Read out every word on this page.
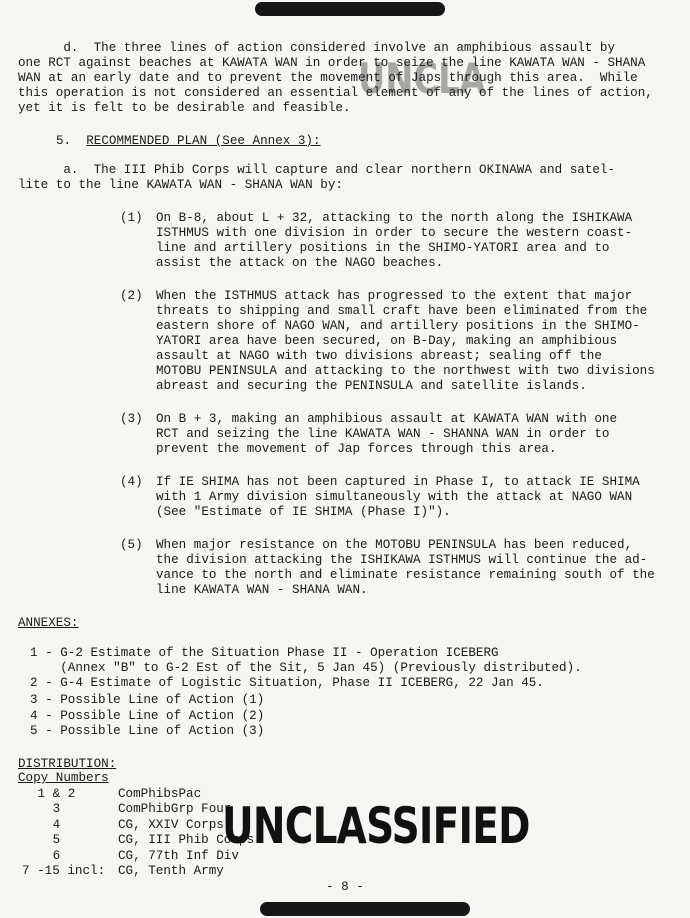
UNCLA
d.  The three lines of action considered involve an amphibious assault by
one RCT against beaches at KAWATA WAN in order to seize the line KAWATA WAN - SHANA
WAN at an early date and to prevent the movement of Japs through this area.  While
this operation is not considered an essential element of any of the lines of action,
yet it is felt to be desirable and feasible.
5. RECOMMENDED PLAN (See Annex 3):
a.  The III Phib Corps will capture and clear northern OKINAWA and satel-
lite to the line KAWATA WAN - SHANA WAN by:
(1) On B-8, about L + 32, attacking to the north along the ISHIKAWA
ISTHMUS with one division in order to secure the western coast-
line and artillery positions in the SHIMO-YATORI area and to
assist the attack on the NAGO beaches.
(2) When the ISTHMUS attack has progressed to the extent that major
threats to shipping and small craft have been eliminated from the
eastern shore of NAGO WAN, and artillery positions in the SHIMO-
YATORI area have been secured, on B-Day, making an amphibious
assault at NAGO with two divisions abreast; sealing off the
MOTOBU PENINSULA and attacking to the northwest with two divisions
abreast and securing the PENINSULA and satellite islands.
(3) On B + 3, making an amphibious assault at KAWATA WAN with one
RCT and seizing the line KAWATA WAN - SHANNA WAN in order to
prevent the movement of Jap forces through this area.
(4) If IE SHIMA has not been captured in Phase I, to attack IE SHIMA
with 1 Army division simultaneously with the attack at NAGO WAN
(See "Estimate of IE SHIMA (Phase I)").
(5) When major resistance on the MOTOBU PENINSULA has been reduced,
the division attacking the ISHIKAWA ISTHMUS will continue the ad-
vance to the north and eliminate resistance remaining south of the
line KAWATA WAN - SHANA WAN.
ANNEXES:
1 - G-2 Estimate of the Situation Phase II - Operation ICEBERG
(Annex "B" to G-2 Est of the Sit, 5 Jan 45) (Previously distributed).
2 - G-4 Estimate of Logistic Situation, Phase II ICEBERG, 22 Jan 45.
3 - Possible Line of Action (1)
4 - Possible Line of Action (2)
5 - Possible Line of Action (3)
DISTRIBUTION:
Copy Numbers
1 & 2	ComPhibsPac
3	ComPhibGrp Four
4	CG, XXIV Corps
5	CG, III Phib Corps
6	CG, 77th Inf Div
7 -15 incl: CG, Tenth Army
UNCLASSIFIED
- 8 -
